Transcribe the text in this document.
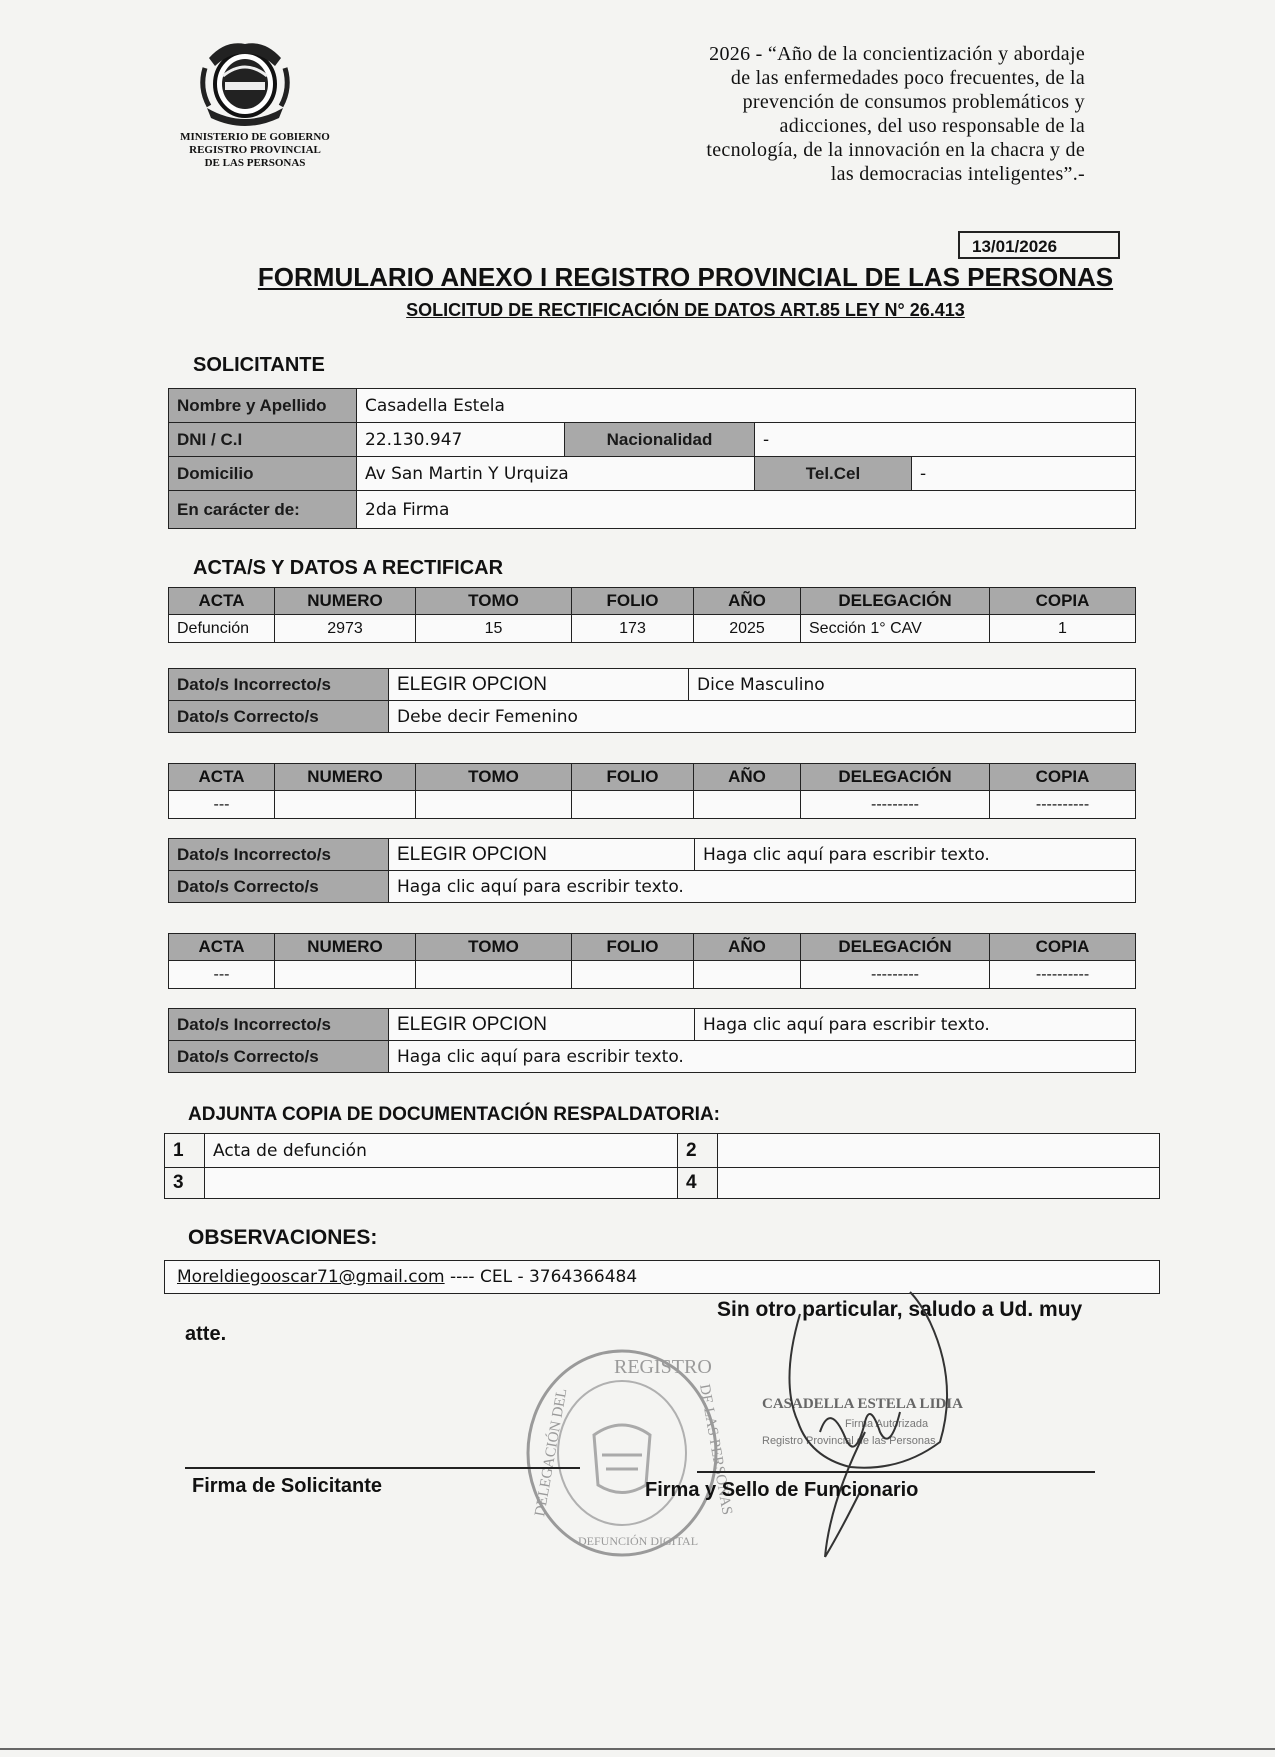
MINISTERIO DE GOBIERNO
REGISTRO PROVINCIAL
DE LAS PERSONAS
2026 - “Año de la concientización y abordaje
de las enfermedades poco frecuentes, de la
prevención de consumos problemáticos y
adicciones, del uso responsable de la
tecnología, de la innovación en la chacra y de
las democracias inteligentes”.-
13/01/2026
FORMULARIO ANEXO I REGISTRO PROVINCIAL DE LAS PERSONAS
SOLICITUD DE RECTIFICACIÓN DE DATOS ART.85 LEY N° 26.413
SOLICITANTE
Nombre y Apellido	Casadella Estela			
DNI / C.I	22.130.947	Nacionalidad	-	
Domicilio	Av San Martin Y Urquiza		Tel.Cel	-
En carácter de:	2da Firma			
ACTA/S Y DATOS A RECTIFICAR
ACTA	NUMERO	TOMO	FOLIO	AÑO	DELEGACIÓN	COPIA
Defunción	2973	15	173	2025	Sección 1° CAV	1
Dato/s Incorrecto/s	ELEGIR OPCION	Dice Masculino
Dato/s Correcto/s	Debe decir Femenino	
ACTA	NUMERO	TOMO	FOLIO	AÑO	DELEGACIÓN	COPIA
---					---------	----------
Dato/s Incorrecto/s	ELEGIR OPCION	Haga clic aquí para escribir texto.
Dato/s Correcto/s	Haga clic aquí para escribir texto.	
ACTA	NUMERO	TOMO	FOLIO	AÑO	DELEGACIÓN	COPIA
---					---------	----------
Dato/s Incorrecto/s	ELEGIR OPCION	Haga clic aquí para escribir texto.
Dato/s Correcto/s	Haga clic aquí para escribir texto.	
ADJUNTA COPIA DE DOCUMENTACIÓN RESPALDATORIA:
1	Acta de defunción	2	
3		4	
OBSERVACIONES:
Moreldiegooscar71@gmail.com ---- CEL - 3764366484
Sin otro particular, saludo a Ud. muy
atte.
REGISTRO
DELEGACIÓN DEL	DE LAS PERSONAS
DEFUNCIÓN DIGITAL
CASADELLA ESTELA LIDIA
Firma Autorizada
Registro Provincial de las Personas
Firma de Solicitante	Firma y Sello de Funcionario
